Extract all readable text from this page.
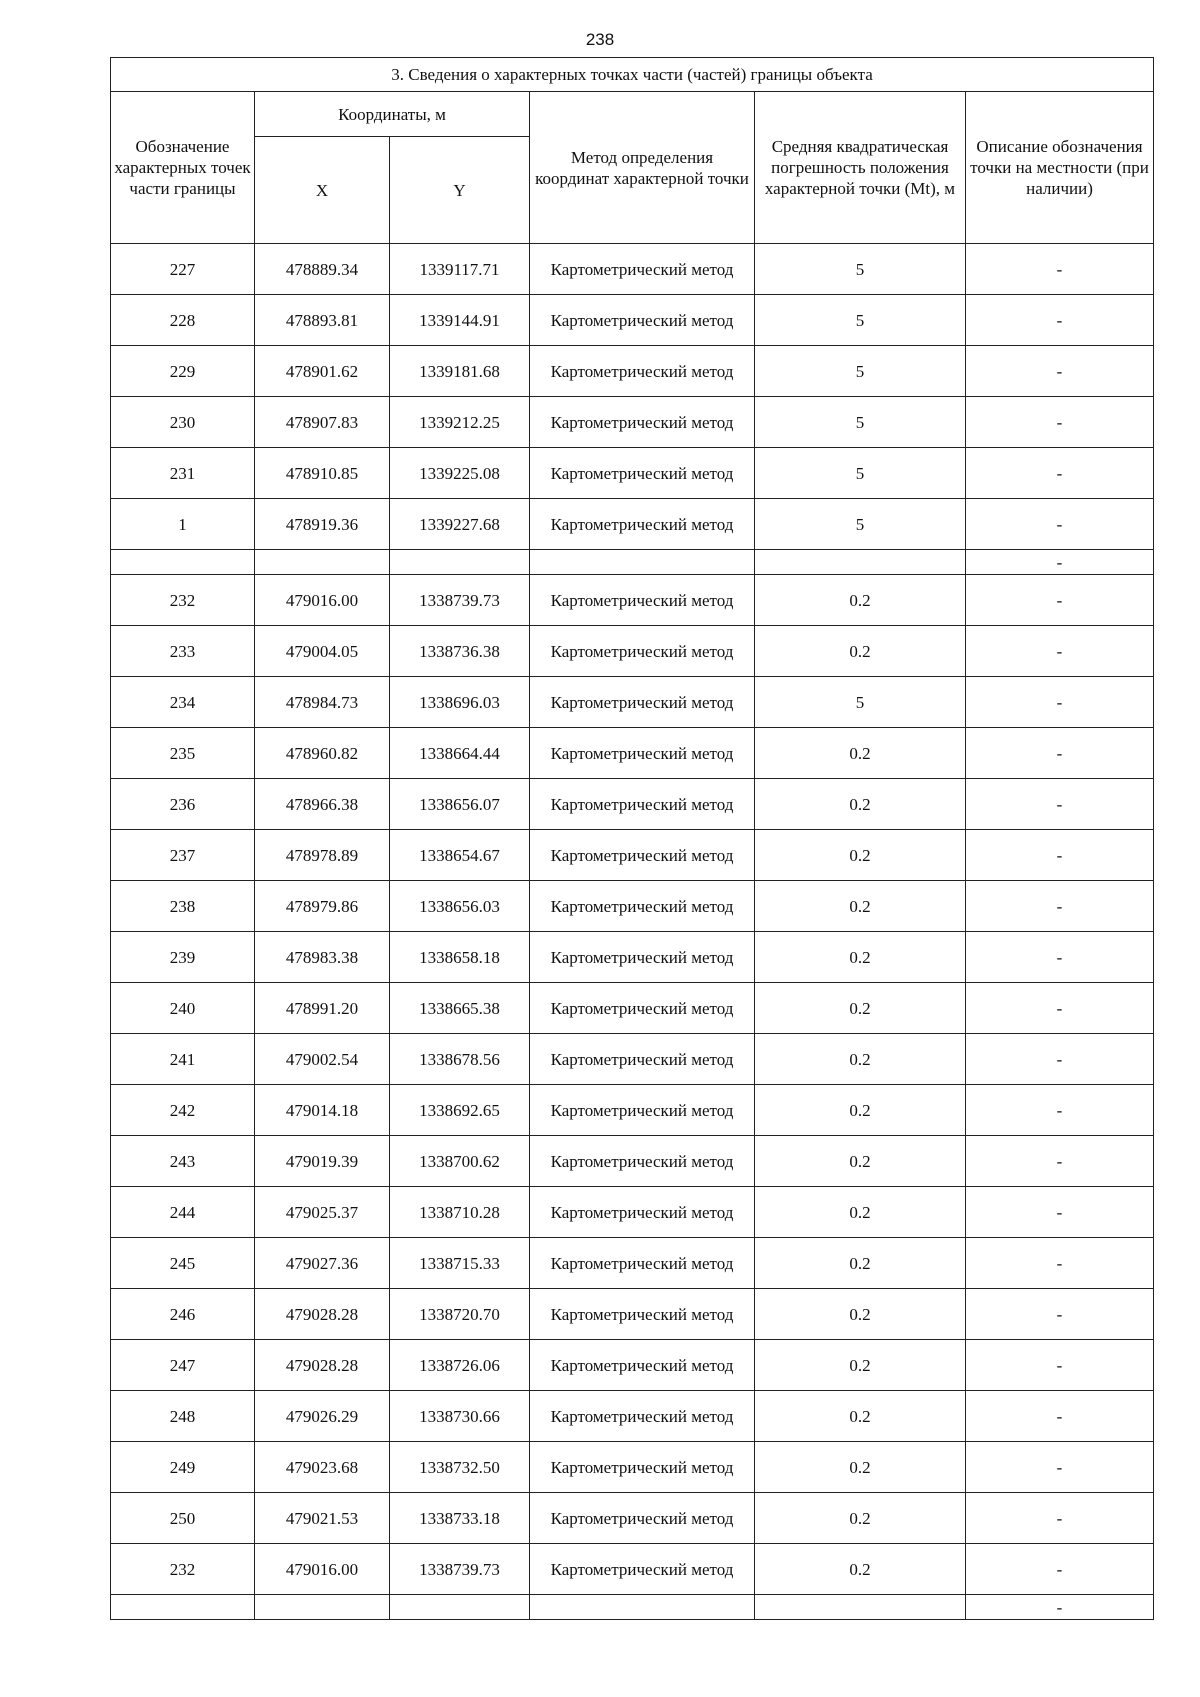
238
3. Сведения о характерных точках части (частей) границы объекта					
Обозначение характерных точек части границы	Координаты, м		Метод определения координат характерной точки	Средняя квадратическая погрешность положения характерной точки (Mt), м	Описание обозначения точки на местности (при наличии)
	X	Y			
227	478889.34	1339117.71	Картометрический метод	5	-
228	478893.81	1339144.91	Картометрический метод	5	-
229	478901.62	1339181.68	Картометрический метод	5	-
230	478907.83	1339212.25	Картометрический метод	5	-
231	478910.85	1339225.08	Картометрический метод	5	-
1	478919.36	1339227.68	Картометрический метод	5	-
					-
232	479016.00	1338739.73	Картометрический метод	0.2	-
233	479004.05	1338736.38	Картометрический метод	0.2	-
234	478984.73	1338696.03	Картометрический метод	5	-
235	478960.82	1338664.44	Картометрический метод	0.2	-
236	478966.38	1338656.07	Картометрический метод	0.2	-
237	478978.89	1338654.67	Картометрический метод	0.2	-
238	478979.86	1338656.03	Картометрический метод	0.2	-
239	478983.38	1338658.18	Картометрический метод	0.2	-
240	478991.20	1338665.38	Картометрический метод	0.2	-
241	479002.54	1338678.56	Картометрический метод	0.2	-
242	479014.18	1338692.65	Картометрический метод	0.2	-
243	479019.39	1338700.62	Картометрический метод	0.2	-
244	479025.37	1338710.28	Картометрический метод	0.2	-
245	479027.36	1338715.33	Картометрический метод	0.2	-
246	479028.28	1338720.70	Картометрический метод	0.2	-
247	479028.28	1338726.06	Картометрический метод	0.2	-
248	479026.29	1338730.66	Картометрический метод	0.2	-
249	479023.68	1338732.50	Картометрический метод	0.2	-
250	479021.53	1338733.18	Картометрический метод	0.2	-
232	479016.00	1338739.73	Картометрический метод	0.2	-
					-
